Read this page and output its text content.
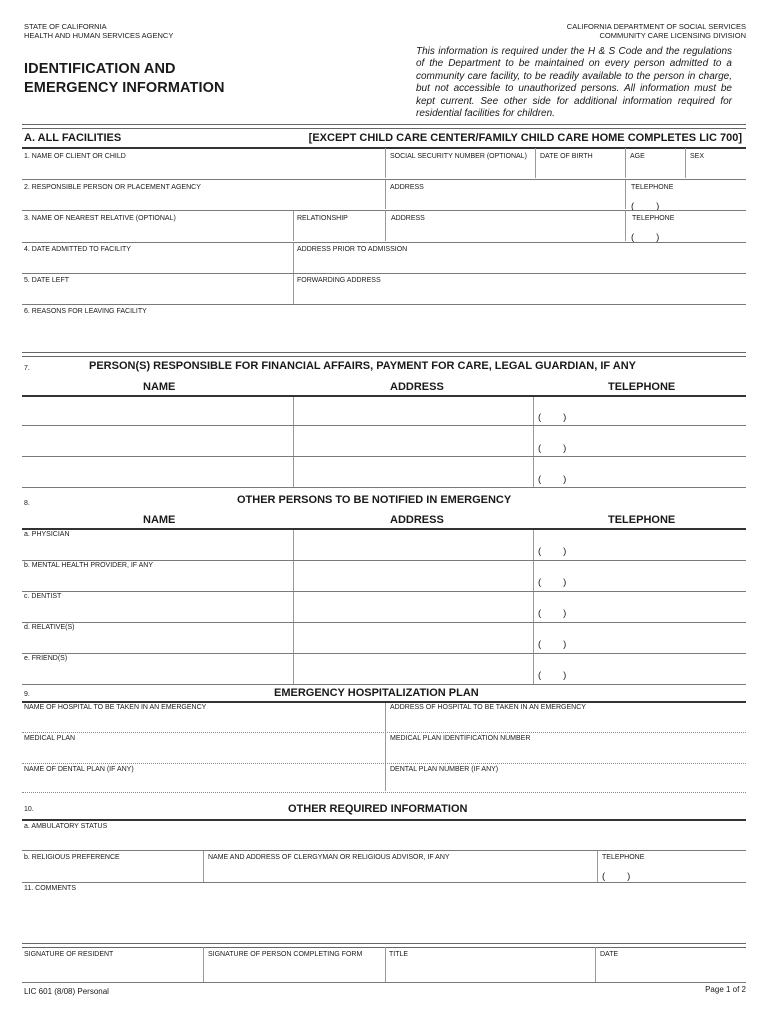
STATE OF CALIFORNIA
HEALTH AND HUMAN SERVICES AGENCY
CALIFORNIA DEPARTMENT OF SOCIAL SERVICES
COMMUNITY CARE LICENSING DIVISION
IDENTIFICATION AND
EMERGENCY INFORMATION
This information is required under the H & S Code and the regulations of the Department to be maintained on every person admitted to a community care facility, to be readily available to the person in charge, but not accessible to unauthorized persons. All information must be kept current. See other side for additional information required for residential facilities for children.
A. ALL FACILITIES	[EXCEPT CHILD CARE CENTER/FAMILY CHILD CARE HOME COMPLETES LIC 700]
1. NAME OF CLIENT OR CHILD	SOCIAL SECURITY NUMBER (OPTIONAL) DATE OF BIRTH	AGE	SEX
2. RESPONSIBLE PERSON OR PLACEMENT AGENCY	ADDRESS	TELEPHONE
( )
3. NAME OF NEAREST RELATIVE (OPTIONAL)	RELATIONSHIP	ADDRESS	TELEPHONE
( )
4. DATE ADMITTED TO FACILITY	ADDRESS PRIOR TO ADMISSION
5. DATE LEFT	FORWARDING ADDRESS
6. REASONS FOR LEAVING FACILITY
7.	PERSON(S) RESPONSIBLE FOR FINANCIAL AFFAIRS, PAYMENT FOR CARE, LEGAL GUARDIAN, IF ANY
NAME	ADDRESS	TELEPHONE
( )
( )
( )
8.	OTHER PERSONS TO BE NOTIFIED IN EMERGENCY
NAME	ADDRESS	TELEPHONE
a. PHYSICIAN
( )
b. MENTAL HEALTH PROVIDER, IF ANY
( )
c. DENTIST
( )
d. RELATIVE(S)
( )
e. FRIEND(S)
( )
9.	EMERGENCY HOSPITALIZATION PLAN
NAME OF HOSPITAL TO BE TAKEN IN AN EMERGENCY	ADDRESS OF HOSPITAL TO BE TAKEN IN AN EMERGENCY
MEDICAL PLAN	MEDICAL PLAN IDENTIFICATION NUMBER
NAME OF DENTAL PLAN (IF ANY)	DENTAL PLAN NUMBER (IF ANY)
10.	OTHER REQUIRED INFORMATION
a. AMBULATORY STATUS
b. RELIGIOUS PREFERENCE	NAME AND ADDRESS OF CLERGYMAN OR RELIGIOUS ADVISOR, IF ANY	TELEPHONE
( )
11. COMMENTS
SIGNATURE OF RESIDENT	SIGNATURE OF PERSON COMPLETING FORM	TITLE	DATE
LIC 601 (8/08) Personal	Page 1 of 2
